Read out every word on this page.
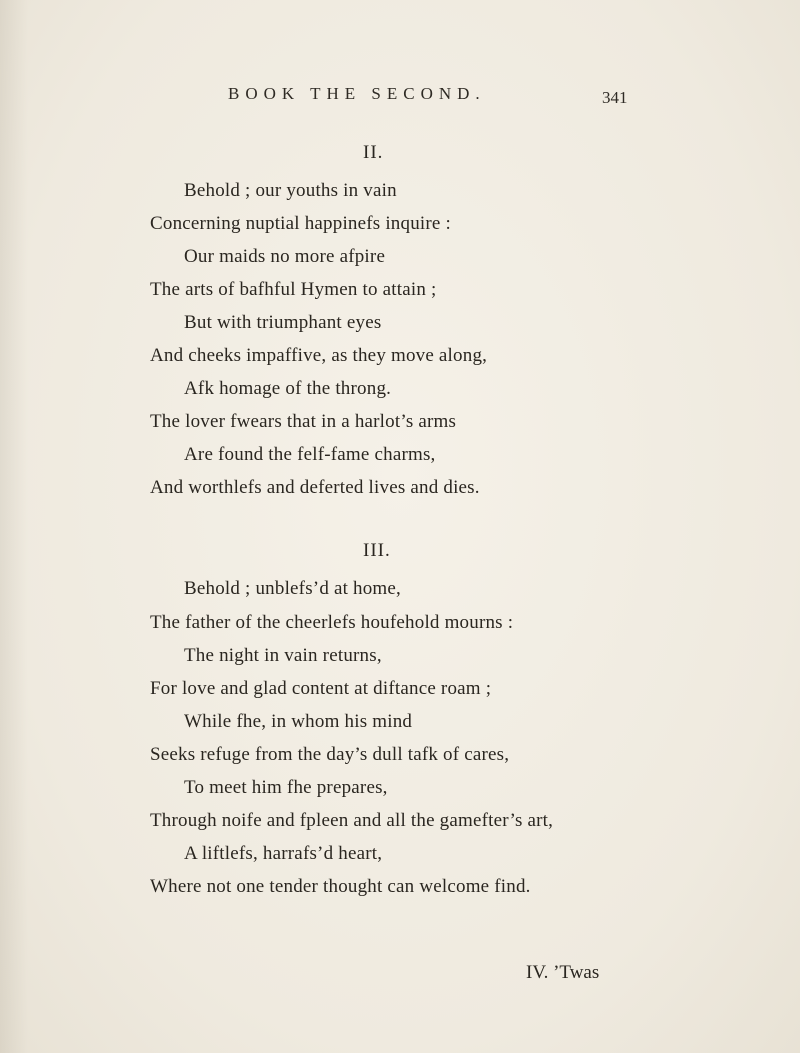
BOOK THE SECOND.	341
II.
Behold ; our youths in vain
Concerning nuptial happinefs inquire :
Our maids no more afpire
The arts of bafhful Hymen to attain ;
But with triumphant eyes
And cheeks impaffive, as they move along,
Afk homage of the throng.
The lover fwears that in a harlot’s arms
Are found the felf-fame charms,
And worthlefs and deferted lives and dies.
III.
Behold ; unblefs’d at home,
The father of the cheerlefs houfehold mourns :
The night in vain returns,
For love and glad content at diftance roam ;
While fhe, in whom his mind
Seeks refuge from the day’s dull tafk of cares,
To meet him fhe prepares,
Through noife and fpleen and all the gamefter’s art,
A liftlefs, harrafs’d heart,
Where not one tender thought can welcome find.
IV. ’Twas
